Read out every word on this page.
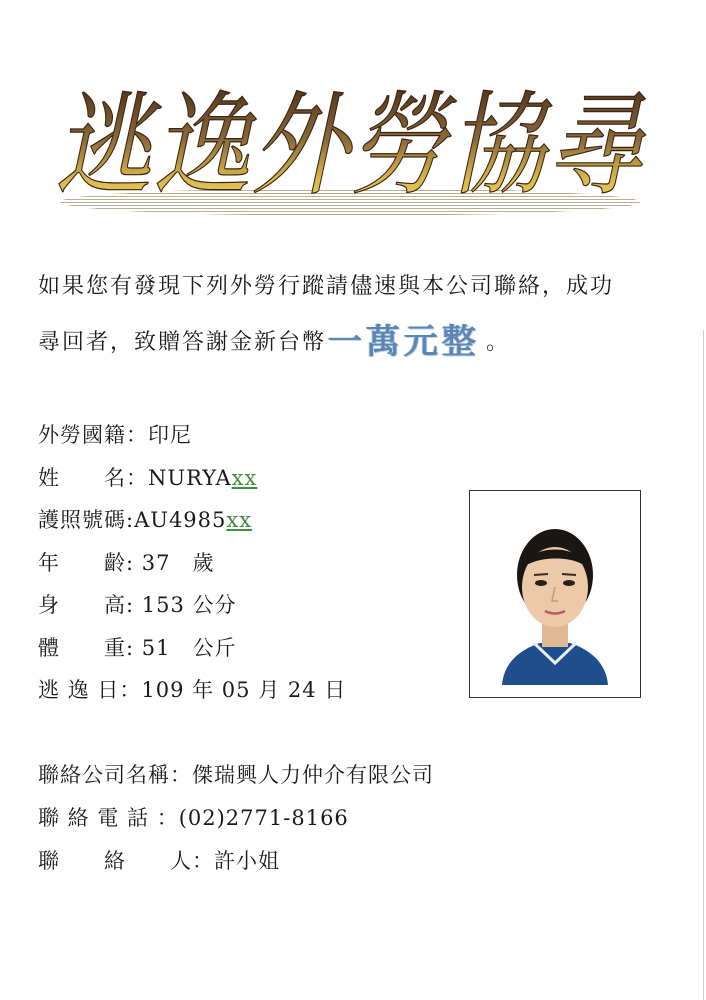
逃逸外勞協尋
如果您有發現下列外勞行蹤請儘速與本公司聯絡，成功
尋回者，致贈答謝金新台幣一萬元整 。
外勞國籍：印尼
姓　　名：NURYAxx
護照號碼:AU4985xx
年　　齡: 37　歲
身　　高: 153 公分
體　　重: 51　公斤
逃 逸 日：109 年 05 月 24 日
聯絡公司名稱：傑瑞興人力仲介有限公司
聯 絡 電 話 ：(02)2771-8166
聯　　絡　　人：許小姐
